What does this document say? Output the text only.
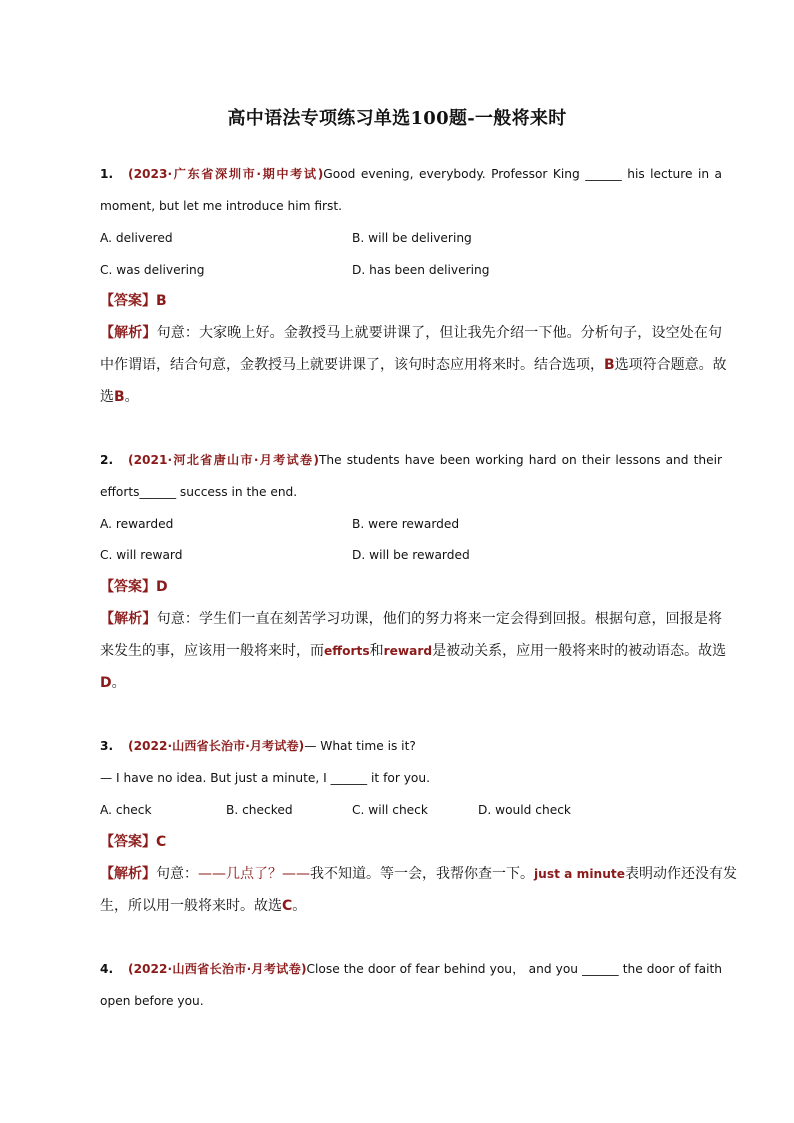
高中语法专项练习单选100题-一般将来时
1. (2023·广东省深圳市·期中考试)Good evening, everybody. Professor King ______ his lecture in a
moment, but let me introduce him first.
A. delivered	B. will be delivering
C. was delivering	D. has been delivering
【答案】B
【解析】句意：大家晚上好。金教授马上就要讲课了，但让我先介绍一下他。分析句子，设空处在句
中作谓语，结合句意，金教授马上就要讲课了，该句时态应用将来时。结合选项，B选项符合题意。故
选B。
2. (2021·河北省唐山市·月考试卷)The students have been working hard on their lessons and their
efforts______ success in the end.
A. rewarded	B. were rewarded
C. will reward	D. will be rewarded
【答案】D
【解析】句意：学生们一直在刻苦学习功课，他们的努力将来一定会得到回报。根据句意，回报是将
来发生的事，应该用一般将来时，而efforts和reward是被动关系，应用一般将来时的被动语态。故选
D。
3. (2022·山西省长治市·月考试卷)— What time is it?
— I have no idea. But just a minute, I ______ it for you.
A. check	B. checked	C. will check	D. would check
【答案】C
【解析】句意：——几点了？——我不知道。等一会，我帮你查一下。just a minute表明动作还没有发
生，所以用一般将来时。故选C。
4. (2022·山西省长治市·月考试卷)Close the door of fear behind you， and you ______ the door of faith
open before you.
